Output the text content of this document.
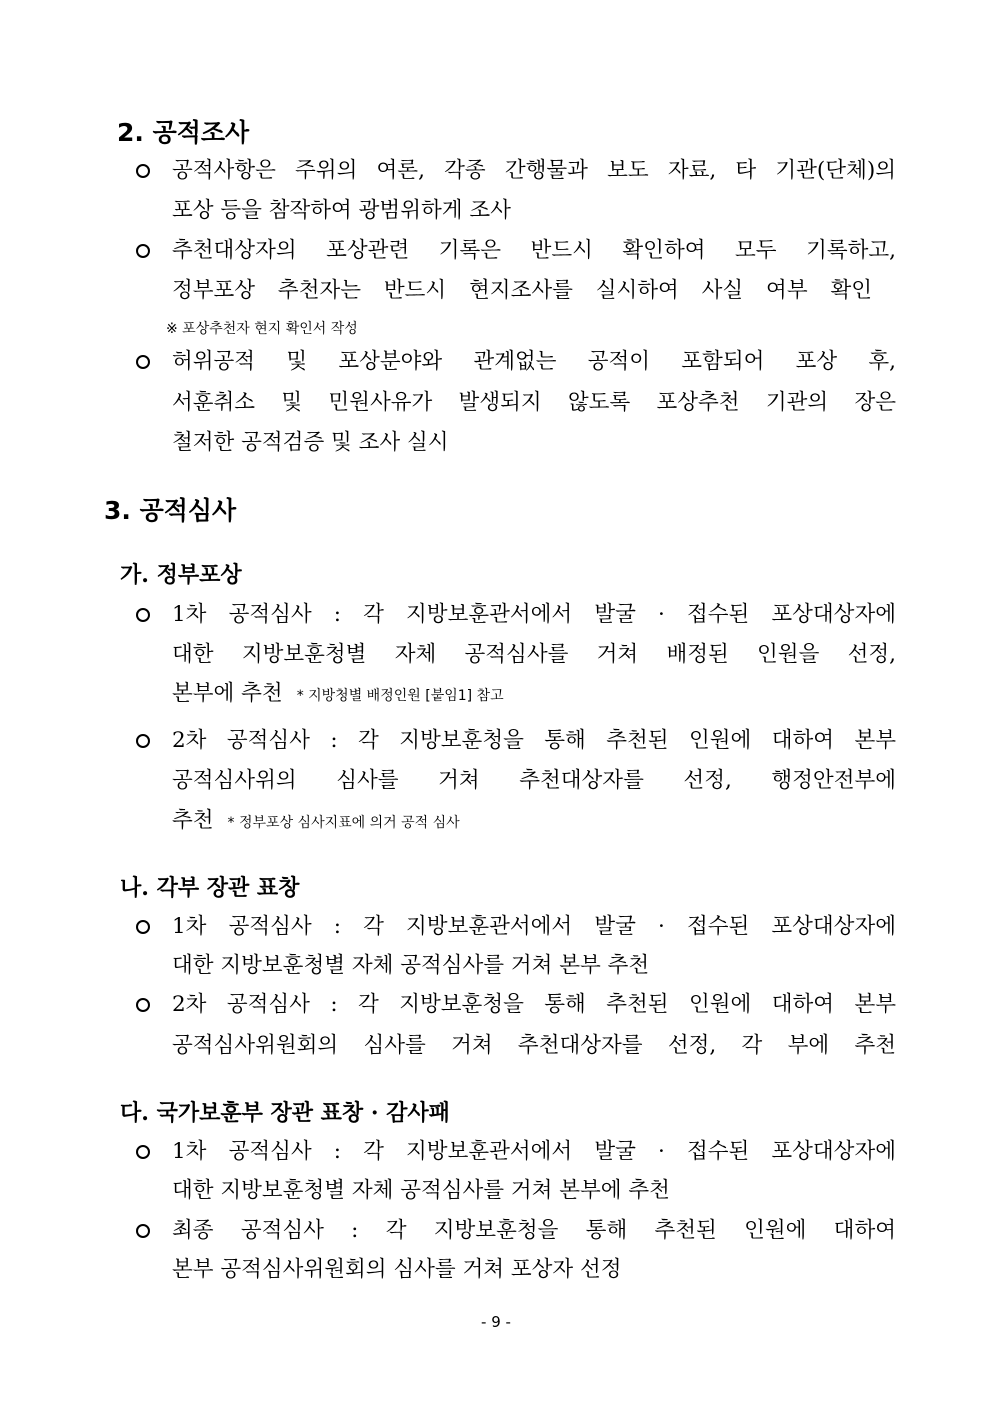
2. 공적조사
공적사항은 주위의 여론, 각종 간행물과 보도 자료, 타 기관(단체)의
포상 등을 참작하여 광범위하게 조사
추천대상자의 포상관련 기록은 반드시 확인하여 모두 기록하고,
정부포상 추천자는 반드시 현지조사를 실시하여 사실 여부 확인
※ 포상추천자 현지 확인서 작성
허위공적 및 포상분야와 관계없는 공적이 포함되어 포상 후,
서훈취소 및 민원사유가 발생되지 않도록 포상추천 기관의 장은
철저한 공적검증 및 조사 실시
3. 공적심사
가. 정부포상
1차 공적심사 : 각 지방보훈관서에서 발굴 · 접수된 포상대상자에
대한 지방보훈청별 자체 공적심사를 거쳐 배정된 인원을 선정,
본부에 추천 * 지방청별 배정인원 [붙임1] 참고
2차 공적심사 : 각 지방보훈청을 통해 추천된 인원에 대하여 본부
공적심사위의 심사를 거쳐 추천대상자를 선정, 행정안전부에
추천 * 정부포상 심사지표에 의거 공적 심사
나. 각부 장관 표창
1차 공적심사 : 각 지방보훈관서에서 발굴 · 접수된 포상대상자에
대한 지방보훈청별 자체 공적심사를 거쳐 본부 추천
2차 공적심사 : 각 지방보훈청을 통해 추천된 인원에 대하여 본부
공적심사위원회의 심사를 거쳐 추천대상자를 선정, 각 부에 추천
다. 국가보훈부 장관 표창 · 감사패
1차 공적심사 : 각 지방보훈관서에서 발굴 · 접수된 포상대상자에
대한 지방보훈청별 자체 공적심사를 거쳐 본부에 추천
최종 공적심사 : 각 지방보훈청을 통해 추천된 인원에 대하여
본부 공적심사위원회의 심사를 거쳐 포상자 선정
- 9 -
